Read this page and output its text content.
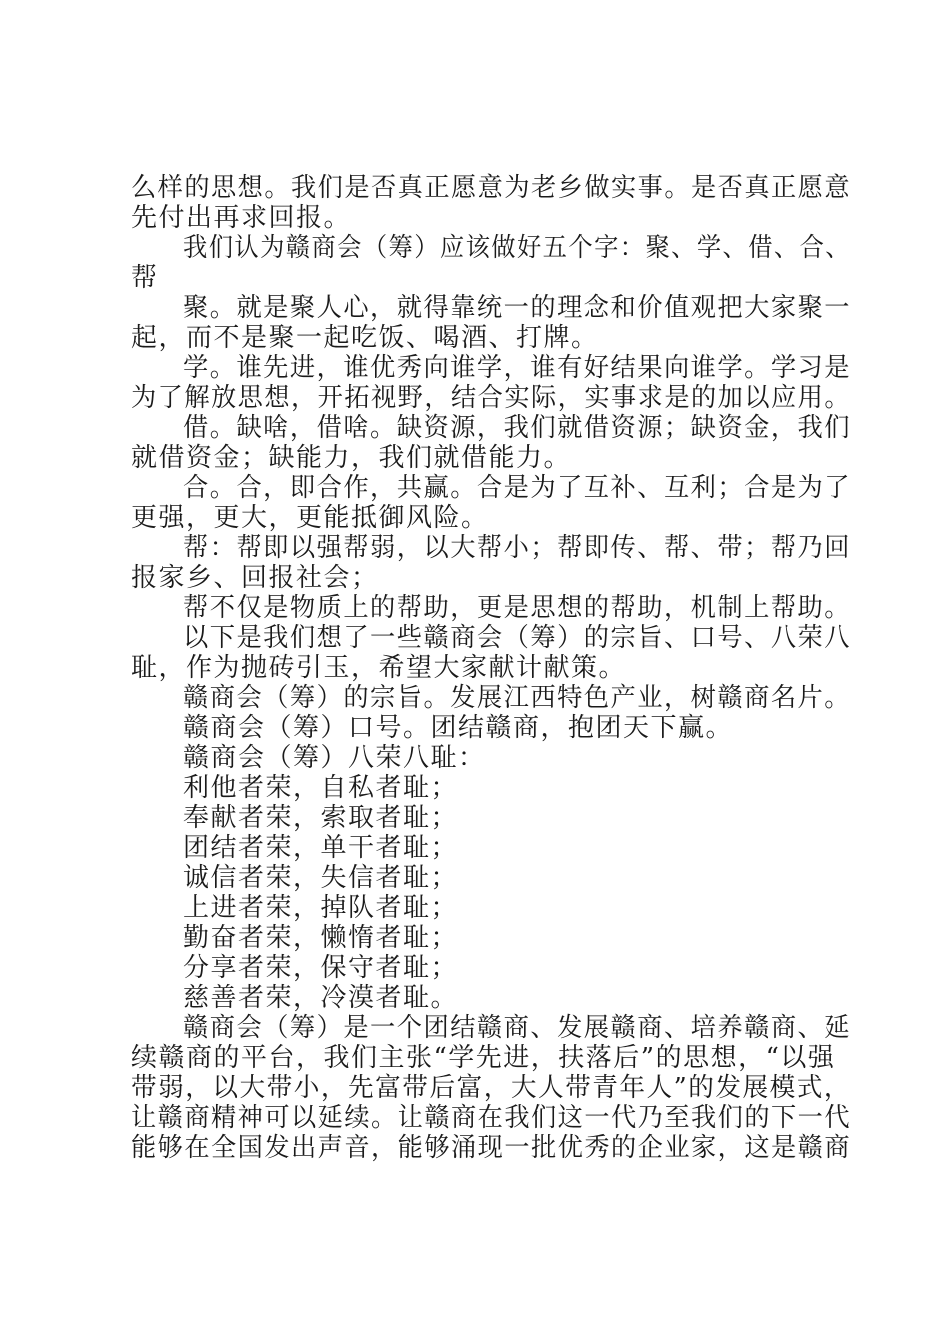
么样的思想。我们是否真正愿意为老乡做实事。是否真正愿意
先付出再求回报。
我们认为赣商会（筹）应该做好五个字：聚、学、借、合、
帮
聚。就是聚人心，就得靠统一的理念和价值观把大家聚一
起，而不是聚一起吃饭、喝酒、打牌。
学。谁先进，谁优秀向谁学，谁有好结果向谁学。学习是
为了解放思想，开拓视野，结合实际，实事求是的加以应用。
借。缺啥，借啥。缺资源，我们就借资源；缺资金，我们
就借资金；缺能力，我们就借能力。
合。合，即合作，共赢。合是为了互补、互利；合是为了
更强，更大，更能抵御风险。
帮：帮即以强帮弱，以大帮小；帮即传、帮、带；帮乃回
报家乡、回报社会；
帮不仅是物质上的帮助，更是思想的帮助，机制上帮助。
以下是我们想了一些赣商会（筹）的宗旨、口号、八荣八
耻，作为抛砖引玉，希望大家献计献策。
赣商会（筹）的宗旨。发展江西特色产业，树赣商名片。
赣商会（筹）口号。团结赣商，抱团天下赢。
赣商会（筹）八荣八耻：
利他者荣，自私者耻；
奉献者荣，索取者耻；
团结者荣，单干者耻；
诚信者荣，失信者耻；
上进者荣，掉队者耻；
勤奋者荣，懒惰者耻；
分享者荣，保守者耻；
慈善者荣，冷漠者耻。
赣商会（筹）是一个团结赣商、发展赣商、培养赣商、延
续赣商的平台，我们主张“学先进，扶落后”的思想，“以强
带弱，以大带小，先富带后富，大人带青年人”的发展模式，
让赣商精神可以延续。让赣商在我们这一代乃至我们的下一代
能够在全国发出声音，能够涌现一批优秀的企业家，这是赣商
